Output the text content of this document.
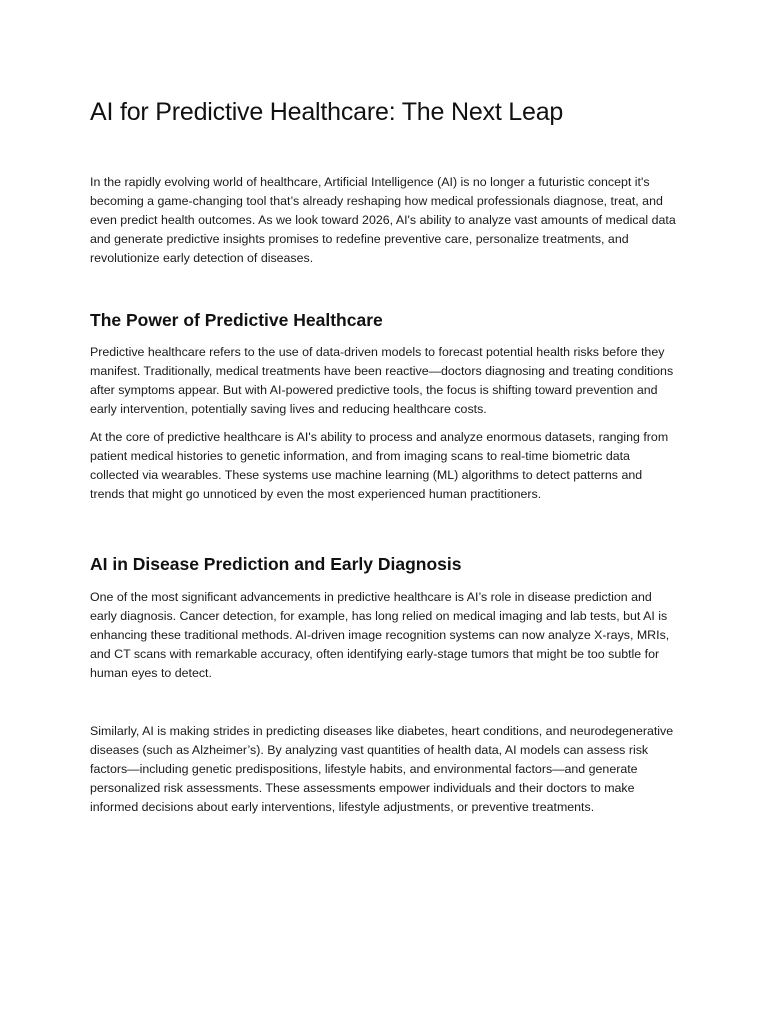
AI for Predictive Healthcare: The Next Leap

In the rapidly evolving world of healthcare, Artificial Intelligence (AI) is no longer a futuristic concept it's becoming a game-changing tool that’s already reshaping how medical professionals diagnose, treat, and even predict health outcomes. As we look toward 2026, AI's ability to analyze vast amounts of medical data and generate predictive insights promises to redefine preventive care, personalize treatments, and revolutionize early detection of diseases.

The Power of Predictive Healthcare

Predictive healthcare refers to the use of data-driven models to forecast potential health risks before they manifest. Traditionally, medical treatments have been reactive—doctors diagnosing and treating conditions after symptoms appear. But with AI-powered predictive tools, the focus is shifting toward prevention and early intervention, potentially saving lives and reducing healthcare costs.

At the core of predictive healthcare is AI's ability to process and analyze enormous datasets, ranging from patient medical histories to genetic information, and from imaging scans to real-time biometric data collected via wearables. These systems use machine learning (ML) algorithms to detect patterns and trends that might go unnoticed by even the most experienced human practitioners.

AI in Disease Prediction and Early Diagnosis

One of the most significant advancements in predictive healthcare is AI’s role in disease prediction and early diagnosis. Cancer detection, for example, has long relied on medical imaging and lab tests, but AI is enhancing these traditional methods. AI-driven image recognition systems can now analyze X-rays, MRIs, and CT scans with remarkable accuracy, often identifying early-stage tumors that might be too subtle for human eyes to detect.

Similarly, AI is making strides in predicting diseases like diabetes, heart conditions, and neurodegenerative diseases (such as Alzheimer’s). By analyzing vast quantities of health data, AI models can assess risk factors—including genetic predispositions, lifestyle habits, and environmental factors—and generate personalized risk assessments. These assessments empower individuals and their doctors to make informed decisions about early interventions, lifestyle adjustments, or preventive treatments.
